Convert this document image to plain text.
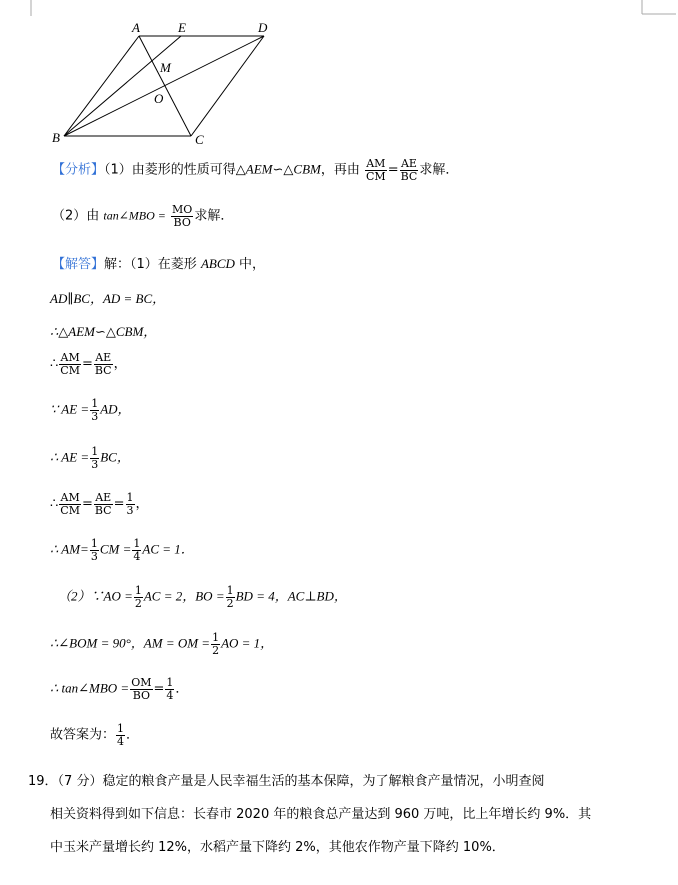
A	E	D
M
O
B	C
【分析】（1）由菱形的性质可得△AEM∽△CBM，再由 $\frac{AM}{CM} = \frac{AE}{BC}$ 求解．
（2）由 tan∠MBO = $\frac{MO}{BO}$ 求解．
【解答】解：（1）在菱形 ABCD 中，
AD∥BC，AD = BC，
∴△AEM∽△CBM，
∴ $\frac{AM}{CM} = \frac{AE}{BC}$ ，
∵ AE = $\frac{1}{3}$ AD，
∴ AE = $\frac{1}{3}$ BC，
∴ $\frac{AM}{CM} = \frac{AE}{BC} = \frac{1}{3}$ ，
∴ $AM= \frac{1}{3}$ CM = $\frac{1}{4}$ AC = 1．
（2）∵AO = $\frac{1}{2}$ AC = 2，BO = $\frac{1}{2}$ BD = 4，AC⊥BD，
∴∠BOM = 90°，AM = OM = $\frac{1}{2}$ AO = 1，
∴ tan∠MBO = $\frac{OM}{BO} = \frac{1}{4}$ ．
故答案为： $\frac{1}{4}$ ．
19．（7 分）稳定的粮食产量是人民幸福生活的基本保障，为了解粮食产量情况，小明查阅
相关资料得到如下信息：长春市 2020 年的粮食总产量达到 960 万吨，比上年增长约 9%．其
中玉米产量增长约 12%，水稻产量下降约 2%，其他农作物产量下降约 10%．
